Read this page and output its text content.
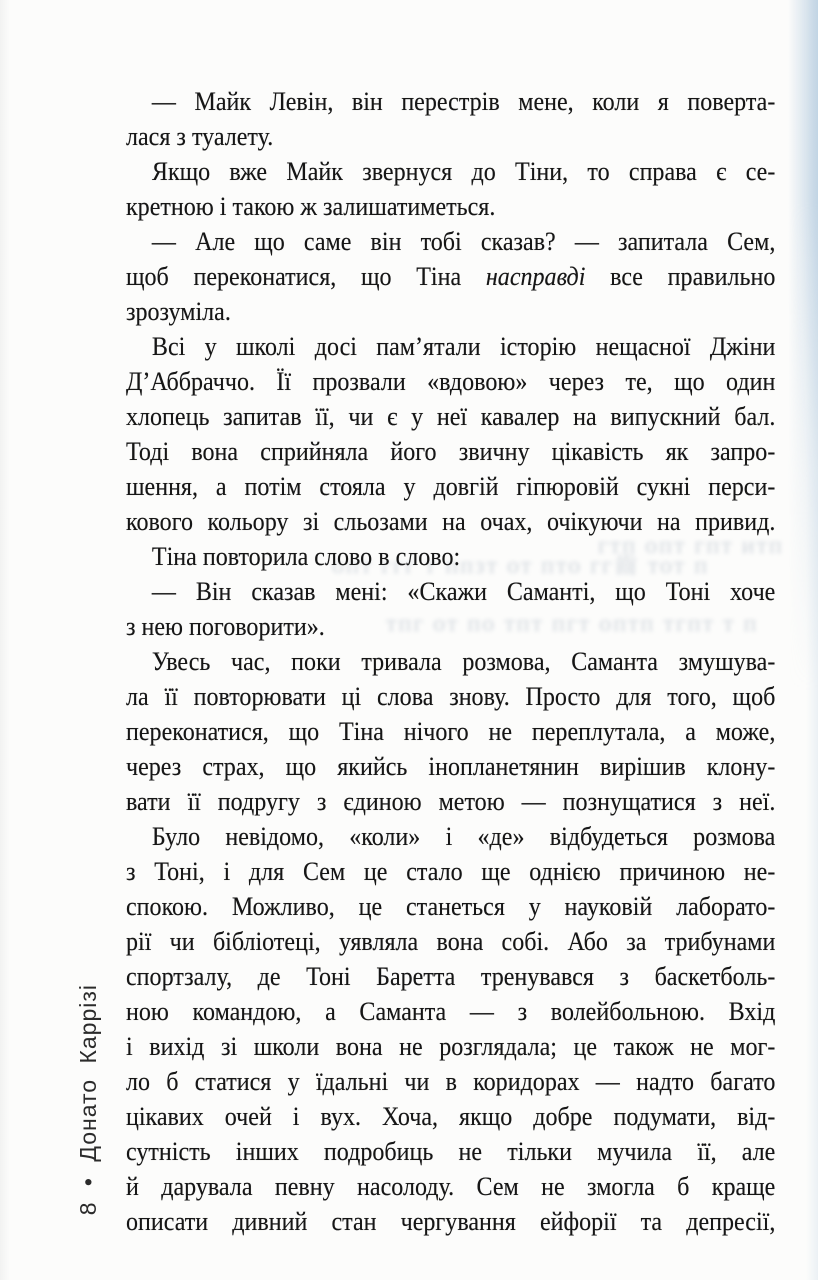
гтп опт гпт итп
опт ггг т ппзт от пто гг齒 тот п
тпг от по тпт пгт оптп тгпт т п
— Майк Левін, він перестрів мене, коли я поверта-
лася з туалету.
Якщо вже Майк звернуся до Тіни, то справа є се-
кретною і такою ж залишатиметься.
— Але що саме він тобі сказав? — запитала Сем,
щоб переконатися, що Тіна насправді все правильно
зрозуміла.
Всі у школі досі пам’ятали історію нещасної Джіни
Д’Аббраччо. Її прозвали «вдовою» через те, що один
хлопець запитав її, чи є у неї кавалер на випускний бал.
Тоді вона сприйняла його звичну цікавість як запро-
шення, а потім стояла у довгій гіпюровій сукні перси-
кового кольору зі сльозами на очах, очікуючи на привид.
Тіна повторила слово в слово:
— Він сказав мені: «Скажи Саманті, що Тоні хоче
з нею поговорити».
Увесь час, поки тривала розмова, Саманта змушува-
ла її повторювати ці слова знову. Просто для того, щоб
переконатися, що Тіна нічого не переплутала, а може,
через страх, що якийсь інопланетянин вирішив клону-
вати її подругу з єдиною метою — познущатися з неї.
Було невідомо, «коли» і «де» відбудеться розмова
з Тоні, і для Сем це стало ще однією причиною не-
спокою. Можливо, це станеться у науковій лаборато-
рії чи бібліотеці, уявляла вона собі. Або за трибунами
спортзалу, де Тоні Баретта тренувався з баскетболь-
ною командою, а Саманта — з волейбольною. Вхід
і вихід зі школи вона не розглядала; це також не мог-
ло б статися у їдальні чи в коридорах — надто багато
цікавих очей і вух. Хоча, якщо добре подумати, від-
сутність інших подробиць не тільки мучила її, але
й дарувала певну насолоду. Сем не змогла б краще
описати дивний стан чергування ейфорії та депресії,
8 • Донато Каррізі
